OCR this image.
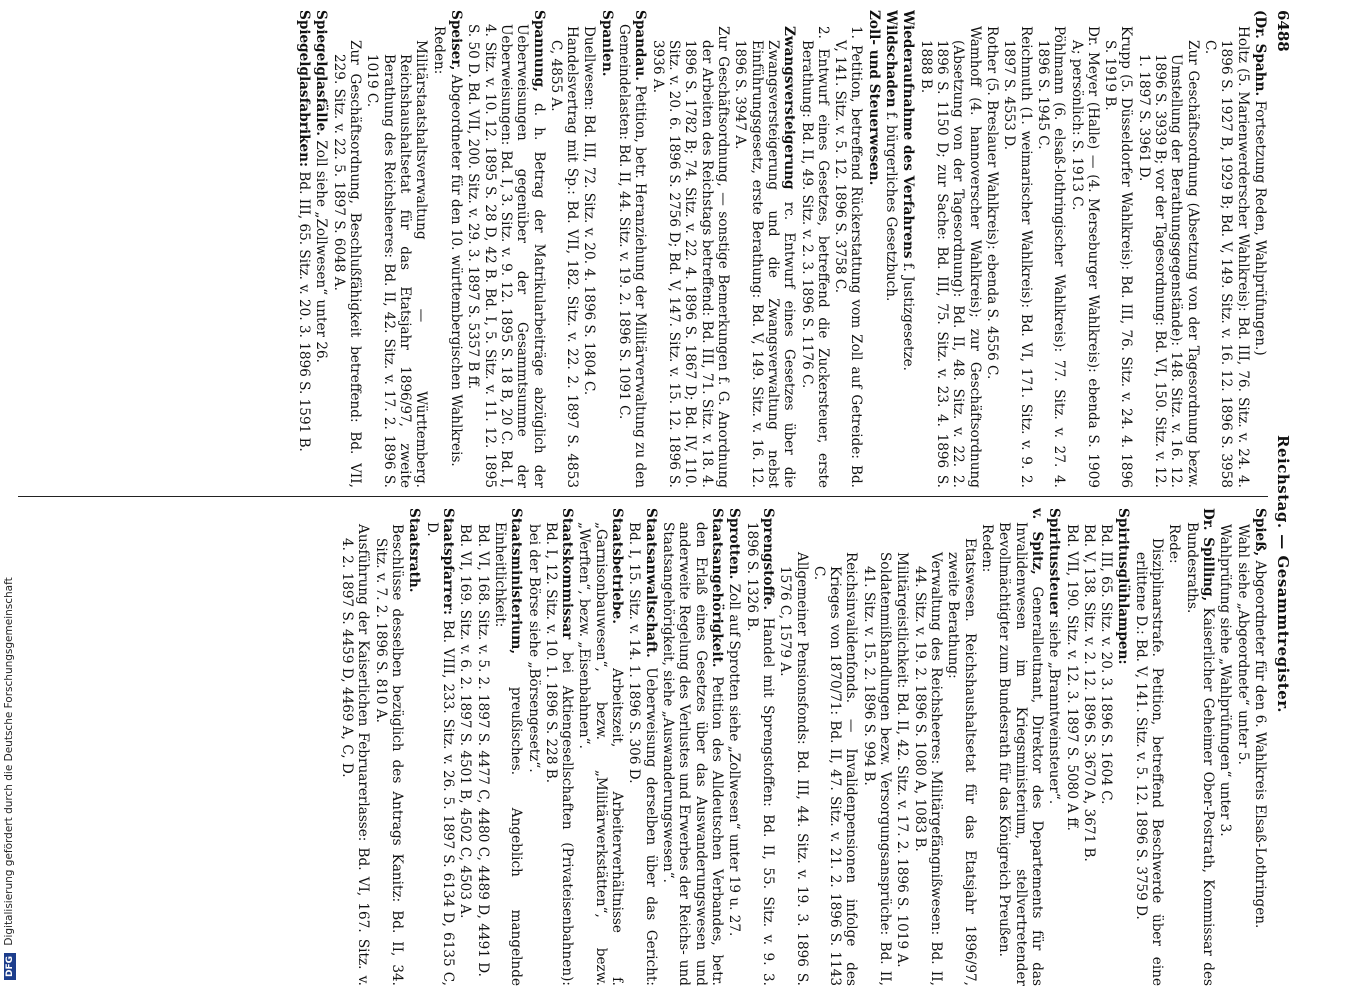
6488
Reichstag. — Gesammtregister.

(Dr. Spahn. Fortsetzung Reden, Wahlprüfungen.)

Holtz (5. Marienwerderscher Wahlkreis): Bd. III, 76. Sitz. v. 24. 4. 1896 S. 1927 B, 1929 B; Bd. V, 149. Sitz. v. 16. 12. 1896 S. 3958 C.

Zur Geschäftsordnung (Absetzung von der Tagesordnung bezw. Umstellung der Berathungsgegenstände): 148. Sitz. v. 16. 12. 1896 S. 3939 B; vor der Tagesordnung: Bd. VI, 150. Sitz. v. 12. 1. 1897 S. 3961 D.

Krupp (5. Düsseldorfer Wahlkreis): Bd. III, 76. Sitz. v. 24. 4. 1896 S. 1919 B.

Dr. Meyer (Halle) — (4. Merseburger Wahlkreis): ebenda S. 1909 A; persönlich: S. 1913 C.

Pöhlmann (6. elsaß-lothringischer Wahlkreis): 77. Sitz. v. 27. 4. 1896 S. 1945 C.

Reichmuth (1. weimarischer Wahlkreis): Bd. VI, 171. Sitz. v. 9. 2. 1897 S. 4553 D.

Rother (5. Breslauer Wahlkreis): ebenda S. 4556 C.

Wamhoff (4. hannoverscher Wahlkreis); zur Geschäftsordnung (Absetzung von der Tagesordnung): Bd. II, 48. Sitz. v. 22. 2. 1896 S. 1150 D; zur Sache: Bd. III, 75. Sitz. v. 23. 4. 1896 S. 1888 B.

Wiederaufnahme des Verfahrens f. Justizgesetze.

Wildschaden f. bürgerliches Gesetzbuch.

Zoll- und Steuerwesen.

1. Petition, betreffend Rückerstattung vom Zoll auf Getreide: Bd. V, 141. Sitz. v. 5. 12. 1896 S. 3758 C.

2. Entwurf eines Gesetzes, betreffend die Zuckersteuer, erste Berathung: Bd. II, 49. Sitz. v. 2. 3. 1896 S. 1176 C.

Zwangsversteigerung rc. Entwurf eines Gesetzes über die Zwangsversteigerung und die Zwangsverwaltung nebst Einführungsgesetz, erste Berathung: Bd. V, 149. Sitz. v. 16. 12. 1896 S. 3947 A.

Zur Geschäftsordnung, — sonstige Bemerkungen f. G. Anordnung der Arbeiten des Reichstags betreffend: Bd. III, 71. Sitz. v. 18. 4. 1896 S. 1782 B; 74. Sitz. v. 22. 4. 1896 S. 1867 D; Bd. IV, 110. Sitz. v. 20. 6. 1896 S. 2756 D; Bd. V, 147. Sitz. v. 15. 12. 1896 S. 3936 A.

Spandau. Petition, betr. Heranziehung der Militärverwaltung zu den Gemeindelasten: Bd. II, 44. Sitz. v. 19. 2. 1896 S. 1091 C.

Spanien.

Duellwesen: Bd. III, 72. Sitz. v. 20. 4. 1896 S. 1804 C.

Handelsvertrag mit Sp.: Bd. VII, 182. Sitz. v. 22. 2. 1897 S. 4853 C, 4855 A.

Spannung, d. h. Betrag der Matrikularbeiträge abzüglich der Ueberweisungen gegenüber der Gesammtsumme der Ueberweisungen: Bd. I, 3. Sitz. v. 9. 12. 1895 S. 18 B, 20 C. Bd. I, 4. Sitz. v. 10. 12. 1895 S. 28 D, 42 B. Bd. I, 5. Sitz. v. 11. 12. 1895 S. 50 D. Bd. VII, 200. Sitz. v. 29. 3. 1897 S. 5357 B ff.

Speiser, Abgeordneter für den 10. württembergischen Wahlkreis.

Reden:

Militärstaatshaltsverwaltung — Württemberg. Reichshaushaltsetat für das Etatsjahr 1896/97, zweite Berathung des Reichsheeres: Bd. II, 42. Sitz. v. 17. 2. 1896 S. 1019 C.

Zur Geschäftsordnung, Beschlußfähigkeit betreffend: Bd. VII, 229. Sitz. v. 22. 5. 1897 S. 6048 A.

Spiegelglasfälle. Zoll siehe „Zollwesen“ unter 26.

Spiegelglasfabriken: Bd. III, 65. Sitz. v. 20. 3. 1896 S. 1591 B.

Spieß, Abgeordneter für den 6. Wahlkreis Elsaß-Lothringen.

Wahl siehe „Abgeordnete“ unter 5.

Wahlprüfung siehe „Wahlprüfungen“ unter 3.

Dr. Spilling, Kaiserlicher Geheimer Ober-Postrath, Kommissar des Bundesraths.

Rede:

Disziplinarstrafe. Petition, betreffend Beschwerde über eine erlittene D.: Bd. V, 141. Sitz. v. 5. 12. 1896 S. 3759 D.

Spiritusglühlampen:

Bd. III, 65. Sitz. v. 20. 3. 1896 S. 1604 C.

Bd. V, 138. Sitz. v. 2. 12. 1896 S. 3670 A, 3671 B.

Bd. VII, 190. Sitz. v. 12. 3. 1897 S. 5080 A ff.

Spiritussteuer siehe „Branntweinsteuer“.

v. Spitz, Generalleutnant, Direktor des Departements für das Invalidenwesen im Kriegsministerium, stellvertretender Bevollmächtigter zum Bundesrath für das Königreich Preußen.

Reden:

Etatswesen. Reichshaushaltsetat für das Etatsjahr 1896/97, zweite Berathung:

Verwaltung des Reichsheeres: Militärgefängnißwesen: Bd. II, 44. Sitz. v. 19. 2. 1896 S. 1080 A, 1083 B.

Militärgeistlichkeit: Bd. II, 42. Sitz. v. 17. 2. 1896 S. 1019 A.

Soldatenmißhandlungen bezw. Versorgungsansprüche: Bd. II, 41. Sitz. v. 15. 2. 1896 S. 994 B.

Reichsinvalidenfonds. — Invalidenpensionen infolge des Krieges von 1870/71: Bd. II, 47. Sitz. v. 21. 2. 1896 S. 1143 C.

Allgemeiner Pensionsfonds: Bd. III, 44. Sitz. v. 19. 3. 1896 S. 1576 C, 1579 A.

Sprengstoffe. Handel mit Sprengstoffen: Bd. II, 55. Sitz. v. 9. 3. 1896 S. 1326 B.

Sprotten. Zoll auf Sprotten siehe „Zollwesen“ unter 19 u. 27.

Staatsangehörigkeit. Petition des Alldeutschen Verbandes, betr. den Erlaß eines Gesetzes über das Auswanderungswesen und anderweite Regelung des Verlustes und Erwerbes der Reichs- und Staatsangehörigkeit, siehe „Auswanderungswesen“.

Staatsanwaltschaft. Ueberweisung derselben über das Gericht: Bd. I, 15. Sitz. v. 14. 1. 1896 S. 306 D.

Staatsbetriebe. Arbeitszeit, Arbeiterverhältnisse f. „Garnisonbauwesen“, bezw. „Militärwerkstätten“, bezw. „Werften“, bezw. „Eisenbahnen“.

Staatskommissar bei Aktiengesellschaften (Privateisenbahnen): Bd. I, 12. Sitz. v. 10. 1. 1896 S. 228 B.

bei der Börse siehe „Börsengesetz“.

Staatsministerium, preußisches. Angeblich mangelnde Einheitlichkeit:

Bd. VI, 168. Sitz. v. 5. 2. 1897 S. 4477 C, 4480 C, 4489 D, 4491 D.

Bd. VI, 169. Sitz. v. 6. 2. 1897 S. 4501 B, 4502 C, 4503 A.

Staatspfarrer: Bd. VIII, 233. Sitz. v. 26. 5. 1897 S. 6134 D, 6135 C, D.

Staatsrath.

Beschlüsse desselben bezüglich des Antrags Kanitz: Bd. II, 34. Sitz. v. 7. 2. 1896 S. 810 A.

Ausführung der Kaiserlichen Februarerlasse: Bd. VI, 167. Sitz. v. 4. 2. 1897 S. 4459 D, 4469 A, C, D.

DFG Digitalisierung gefördert durch die Deutsche Forschungsgemeinschaft
